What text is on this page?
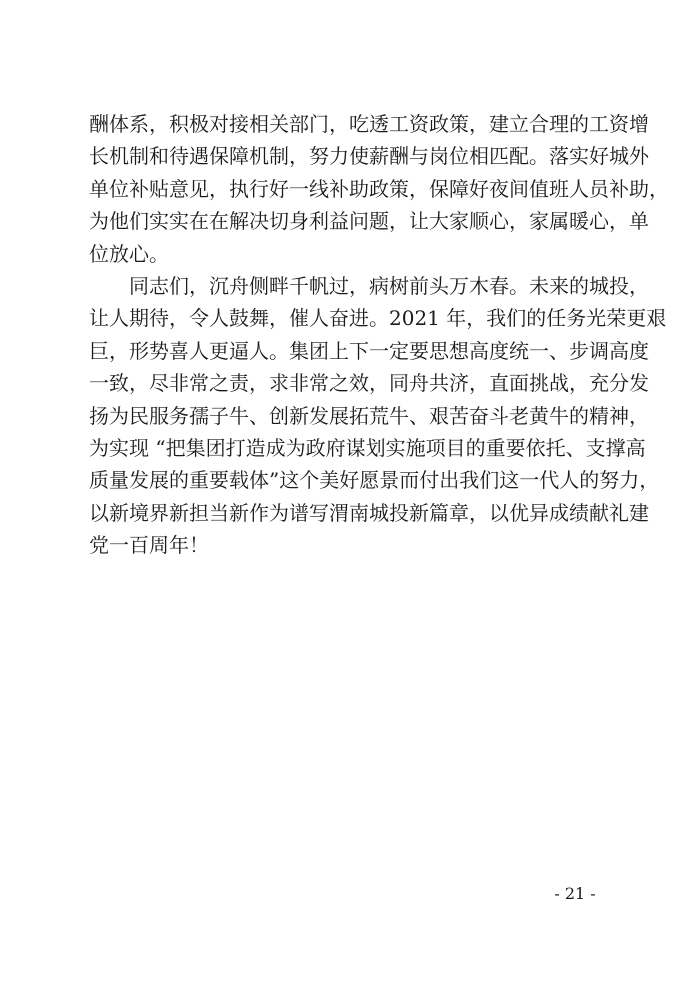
酬体系，积极对接相关部门，吃透工资政策，建立合理的工资增
长机制和待遇保障机制，努力使薪酬与岗位相匹配。落实好城外
单位补贴意见，执行好一线补助政策，保障好夜间值班人员补助，
为他们实实在在解决切身利益问题，让大家顺心，家属暖心，单
位放心。
同志们，沉舟侧畔千帆过，病树前头万木春。未来的城投，
让人期待，令人鼓舞，催人奋进。2021 年，我们的任务光荣更艰
巨，形势喜人更逼人。集团上下一定要思想高度统一、步调高度
一致，尽非常之责，求非常之效，同舟共济，直面挑战，充分发
扬为民服务孺子牛、创新发展拓荒牛、艰苦奋斗老黄牛的精神，
为实现 “把集团打造成为政府谋划实施项目的重要依托、支撑高
质量发展的重要载体”这个美好愿景而付出我们这一代人的努力，
以新境界新担当新作为谱写渭南城投新篇章，以优异成绩献礼建
党一百周年！
- 21 -
